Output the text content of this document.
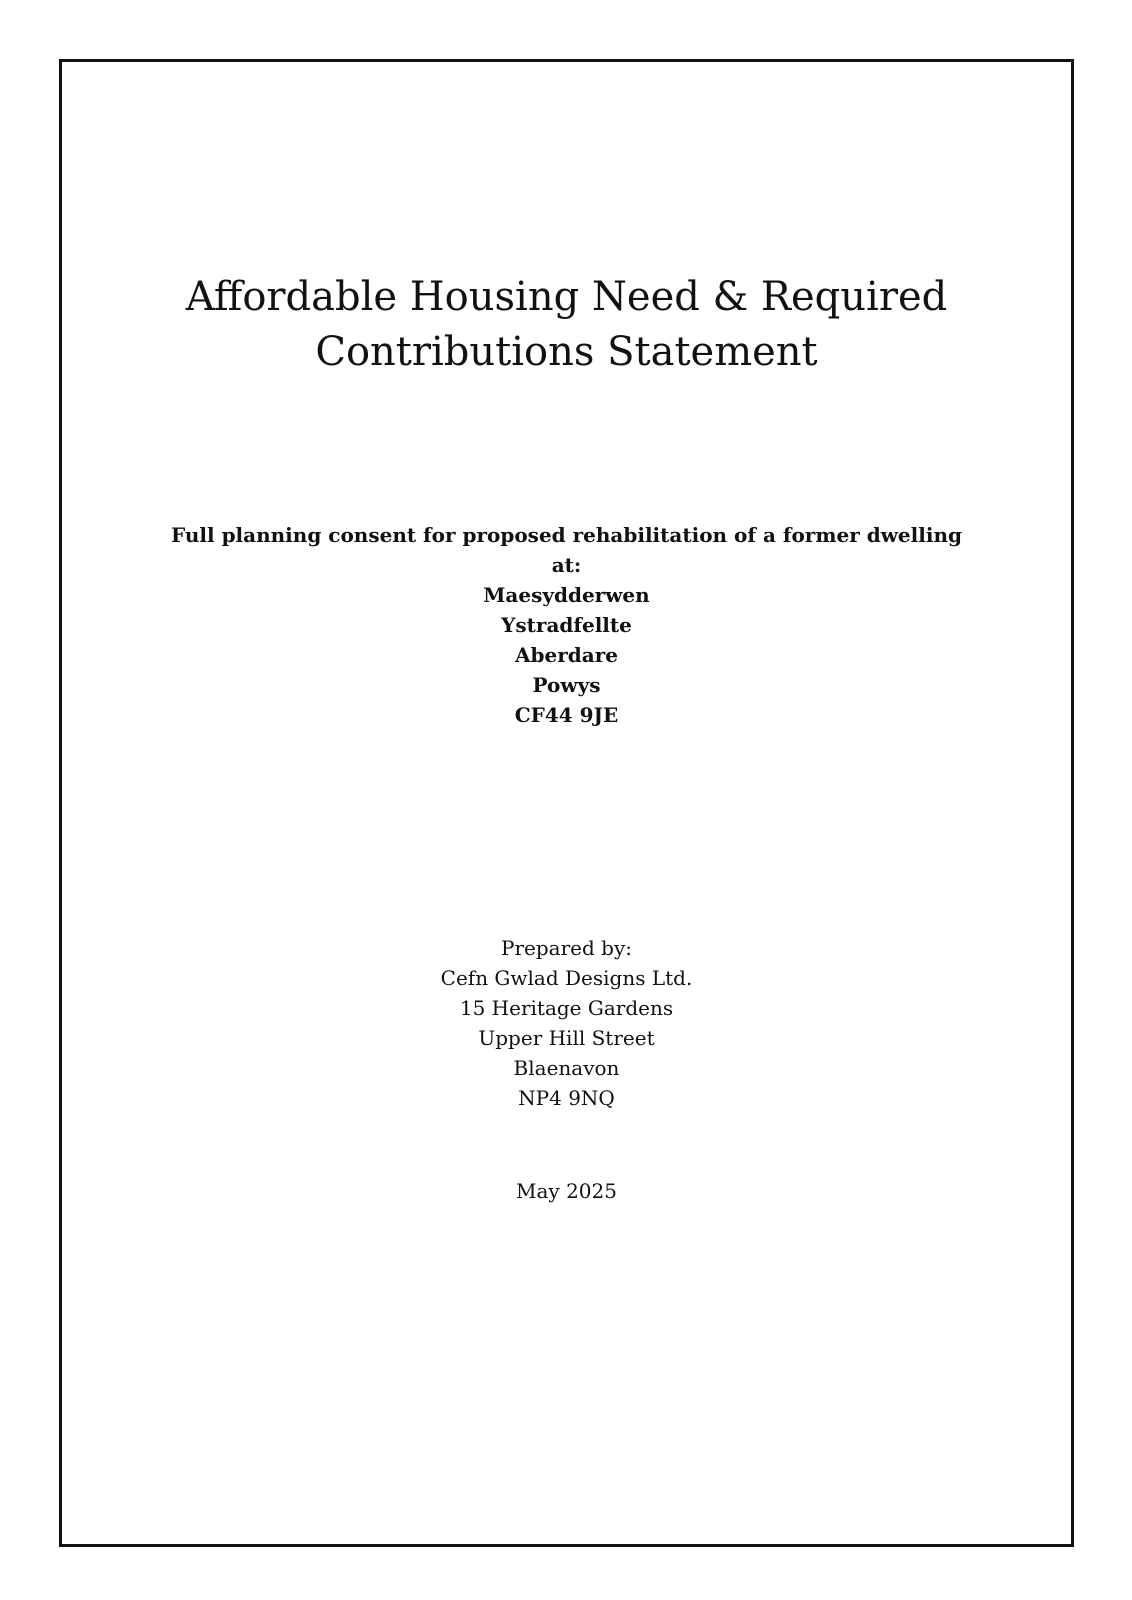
Affordable Housing Need & Required
Contributions Statement
Full planning consent for proposed rehabilitation of a former dwelling
at:
Maesydderwen
Ystradfellte
Aberdare
Powys
CF44 9JE
Prepared by:
Cefn Gwlad Designs Ltd.
15 Heritage Gardens
Upper Hill Street
Blaenavon
NP4 9NQ
May 2025
